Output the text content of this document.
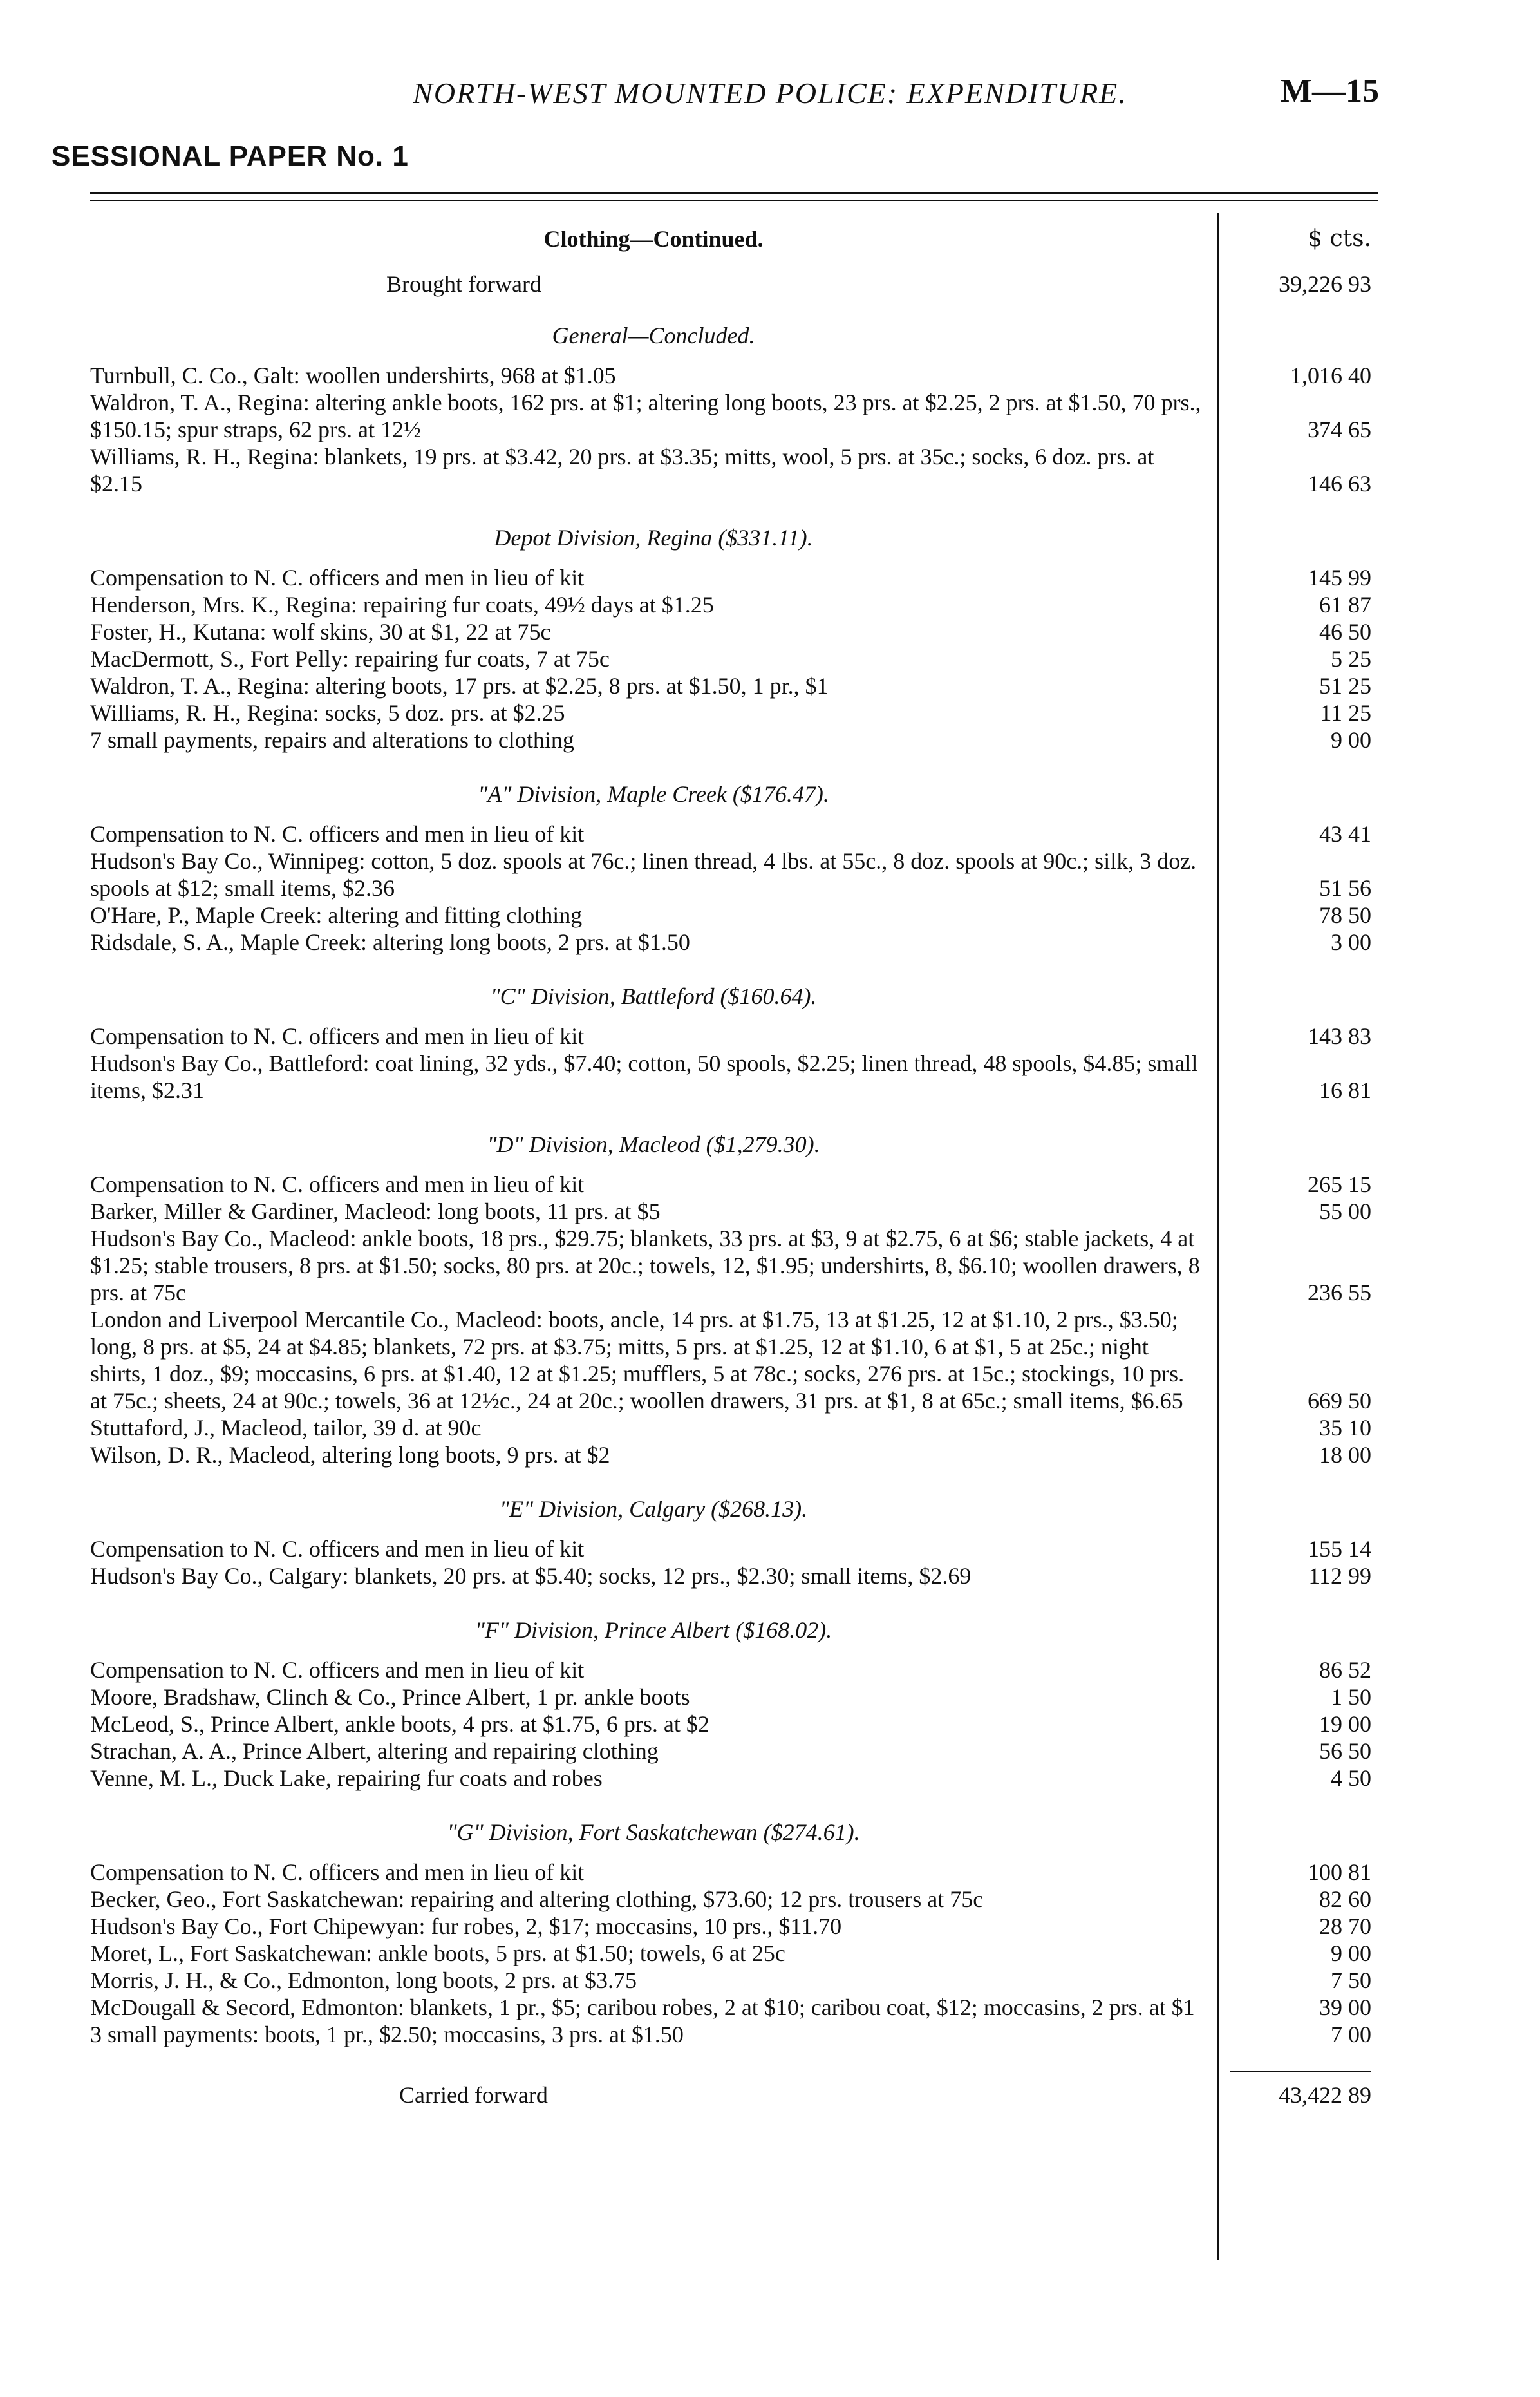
NORTH-WEST MOUNTED POLICE: EXPENDITURE.	M—15
SESSIONAL PAPER No. 1
Clothing—Continued.	$ cts.
Brought forward	39,226 93
General—Concluded.
Turnbull, C. Co., Galt: woollen undershirts, 968 at $1.05	1,016 40
Waldron, T. A., Regina: altering ankle boots, 162 prs. at $1; altering long boots, 23 prs. at $2.25, 2 prs. at $1.50, 70 prs., $150.15; spur straps, 62 prs. at 12½	374 65
Williams, R. H., Regina: blankets, 19 prs. at $3.42, 20 prs. at $3.35; mitts, wool, 5 prs. at 35c.; socks, 6 doz. prs. at $2.15	146 63
Depot Division, Regina ($331.11).
Compensation to N. C. officers and men in lieu of kit	145 99
Henderson, Mrs. K., Regina: repairing fur coats, 49½ days at $1.25	61 87
Foster, H., Kutana: wolf skins, 30 at $1, 22 at 75c	46 50
MacDermott, S., Fort Pelly: repairing fur coats, 7 at 75c	5 25
Waldron, T. A., Regina: altering boots, 17 prs. at $2.25, 8 prs. at $1.50, 1 pr., $1	51 25
Williams, R. H., Regina: socks, 5 doz. prs. at $2.25	11 25
7 small payments, repairs and alterations to clothing	9 00
"A" Division, Maple Creek ($176.47).
Compensation to N. C. officers and men in lieu of kit	43 41
Hudson's Bay Co., Winnipeg: cotton, 5 doz. spools at 76c.; linen thread, 4 lbs. at 55c., 8 doz. spools at 90c.; silk, 3 doz. spools at $12; small items, $2.36	51 56
O'Hare, P., Maple Creek: altering and fitting clothing	78 50
Ridsdale, S. A., Maple Creek: altering long boots, 2 prs. at $1.50	3 00
"C" Division, Battleford ($160.64).
Compensation to N. C. officers and men in lieu of kit	143 83
Hudson's Bay Co., Battleford: coat lining, 32 yds., $7.40; cotton, 50 spools, $2.25; linen thread, 48 spools, $4.85; small items, $2.31	16 81
"D" Division, Macleod ($1,279.30).
Compensation to N. C. officers and men in lieu of kit	265 15
Barker, Miller & Gardiner, Macleod: long boots, 11 prs. at $5	55 00
Hudson's Bay Co., Macleod: ankle boots, 18 prs., $29.75; blankets, 33 prs. at $3, 9 at $2.75, 6 at $6; stable jackets, 4 at $1.25; stable trousers, 8 prs. at $1.50; socks, 80 prs. at 20c.; towels, 12, $1.95; undershirts, 8, $6.10; woollen drawers, 8 prs. at 75c	236 55
London and Liverpool Mercantile Co., Macleod: boots, ancle, 14 prs. at $1.75, 13 at $1.25, 12 at $1.10, 2 prs., $3.50; long, 8 prs. at $5, 24 at $4.85; blankets, 72 prs. at $3.75; mitts, 5 prs. at $1.25, 12 at $1.10, 6 at $1, 5 at 25c.; night shirts, 1 doz., $9; moccasins, 6 prs. at $1.40, 12 at $1.25; mufflers, 5 at 78c.; socks, 276 prs. at 15c.; stockings, 10 prs. at 75c.; sheets, 24 at 90c.; towels, 36 at 12½c., 24 at 20c.; woollen drawers, 31 prs. at $1, 8 at 65c.; small items, $6.65	669 50
Stuttaford, J., Macleod, tailor, 39 d. at 90c	35 10
Wilson, D. R., Macleod, altering long boots, 9 prs. at $2	18 00
"E" Division, Calgary ($268.13).
Compensation to N. C. officers and men in lieu of kit	155 14
Hudson's Bay Co., Calgary: blankets, 20 prs. at $5.40; socks, 12 prs., $2.30; small items, $2.69	112 99
"F" Division, Prince Albert ($168.02).
Compensation to N. C. officers and men in lieu of kit	86 52
Moore, Bradshaw, Clinch & Co., Prince Albert, 1 pr. ankle boots	1 50
McLeod, S., Prince Albert, ankle boots, 4 prs. at $1.75, 6 prs. at $2	19 00
Strachan, A. A., Prince Albert, altering and repairing clothing	56 50
Venne, M. L., Duck Lake, repairing fur coats and robes	4 50
"G" Division, Fort Saskatchewan ($274.61).
Compensation to N. C. officers and men in lieu of kit	100 81
Becker, Geo., Fort Saskatchewan: repairing and altering clothing, $73.60; 12 prs. trousers at 75c	82 60
Hudson's Bay Co., Fort Chipewyan: fur robes, 2, $17; moccasins, 10 prs., $11.70	28 70
Moret, L., Fort Saskatchewan: ankle boots, 5 prs. at $1.50; towels, 6 at 25c	9 00
Morris, J. H., & Co., Edmonton, long boots, 2 prs. at $3.75	7 50
McDougall & Secord, Edmonton: blankets, 1 pr., $5; caribou robes, 2 at $10; caribou coat, $12; moccasins, 2 prs. at $1	39 00
3 small payments: boots, 1 pr., $2.50; moccasins, 3 prs. at $1.50	7 00
Carried forward	43,422 89
